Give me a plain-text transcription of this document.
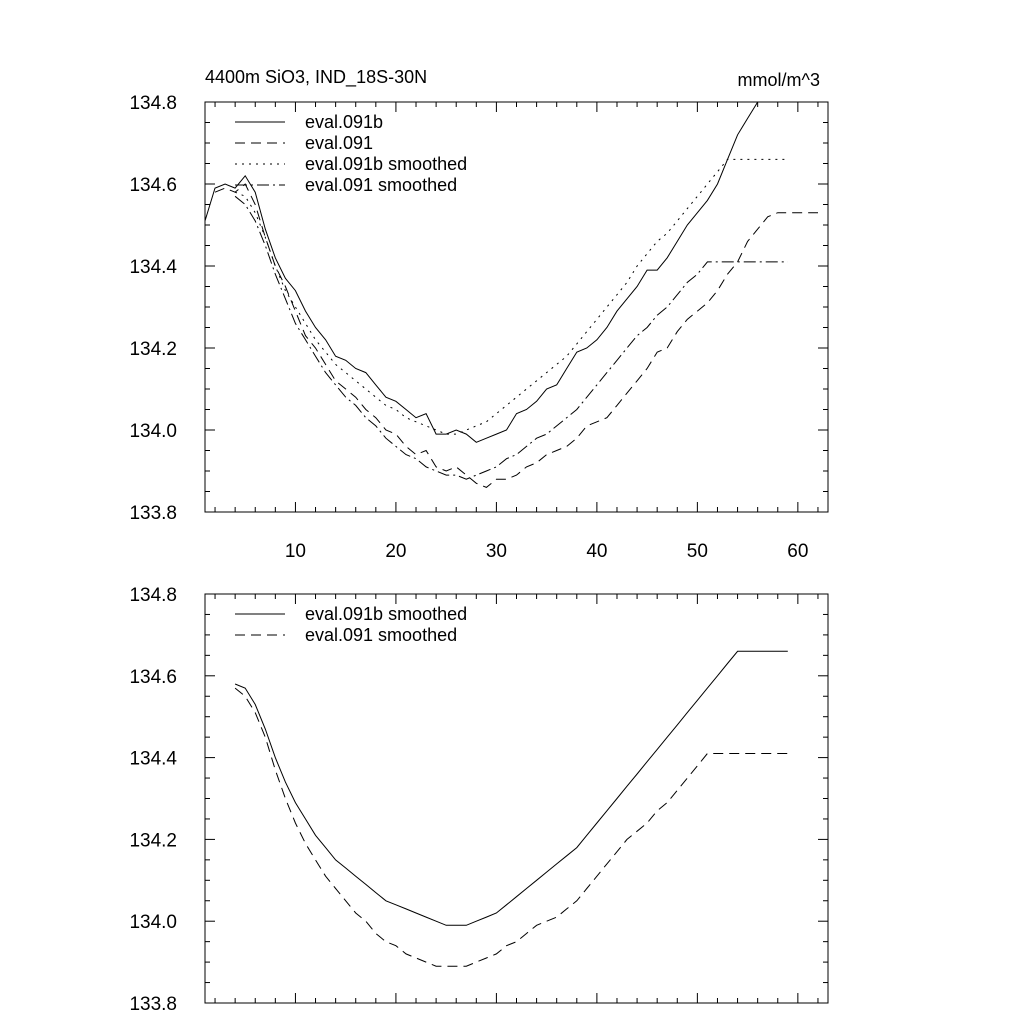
4400m SiO3, IND_18S-30N	mmol/m^3
133.8
134.0
134.2
134.4
134.6
134.8
10	20	30	40	50	60
eval.091b
eval.091
eval.091b smoothed
eval.091 smoothed
133.8
134.0
134.2
134.4
134.6
134.8
eval.091b smoothed
eval.091 smoothed
